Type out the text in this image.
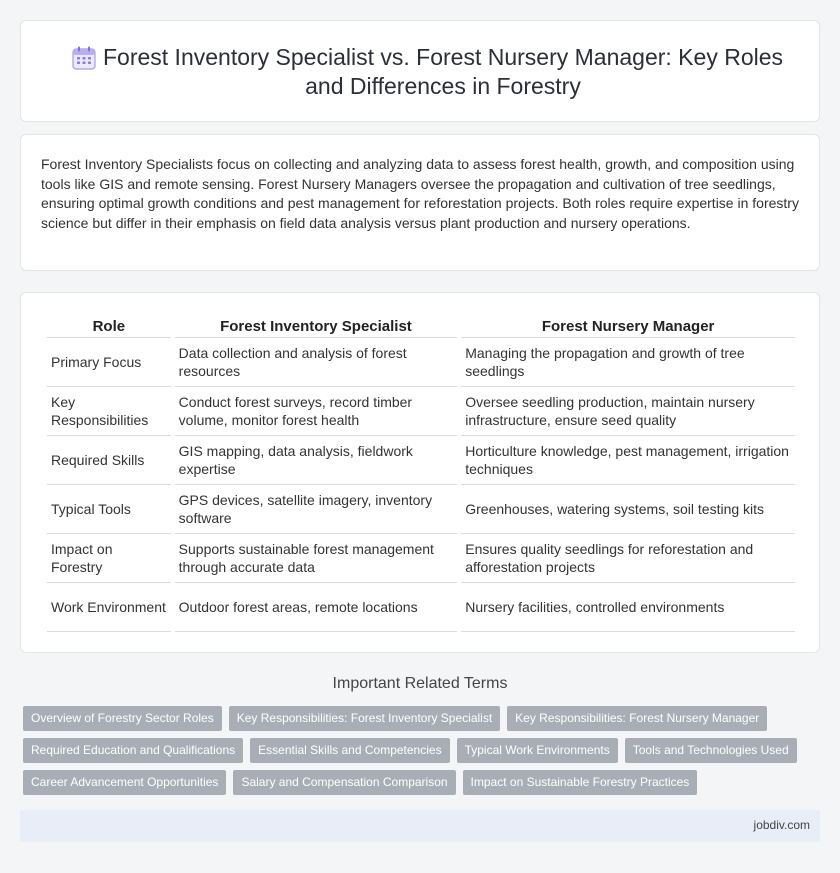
Forest Inventory Specialist vs. Forest Nursery Manager: Key Roles and Differences in Forestry

Forest Inventory Specialists focus on collecting and analyzing data to assess forest health, growth, and composition using tools like GIS and remote sensing. Forest Nursery Managers oversee the propagation and cultivation of tree seedlings, ensuring optimal growth conditions and pest management for reforestation projects. Both roles require expertise in forestry science but differ in their emphasis on field data analysis versus plant production and nursery operations.

Role	Forest Inventory Specialist	Forest Nursery Manager
Primary Focus	Data collection and analysis of forest resources	Managing the propagation and growth of tree seedlings
Key Responsibilities	Conduct forest surveys, record timber volume, monitor forest health	Oversee seedling production, maintain nursery infrastructure, ensure seed quality
Required Skills	GIS mapping, data analysis, fieldwork expertise	Horticulture knowledge, pest management, irrigation techniques
Typical Tools	GPS devices, satellite imagery, inventory software	Greenhouses, watering systems, soil testing kits
Impact on Forestry	Supports sustainable forest management through accurate data	Ensures quality seedlings for reforestation and afforestation projects
Work Environment	Outdoor forest areas, remote locations	Nursery facilities, controlled environments
Important Related Terms
Overview of Forestry Sector Roles	Key Responsibilities: Forest Inventory Specialist	Key Responsibilities: Forest Nursery Manager
Required Education and Qualifications	Essential Skills and Competencies	Typical Work Environments	Tools and Technologies Used
Career Advancement Opportunities	Salary and Compensation Comparison	Impact on Sustainable Forestry Practices
jobdiv.com
